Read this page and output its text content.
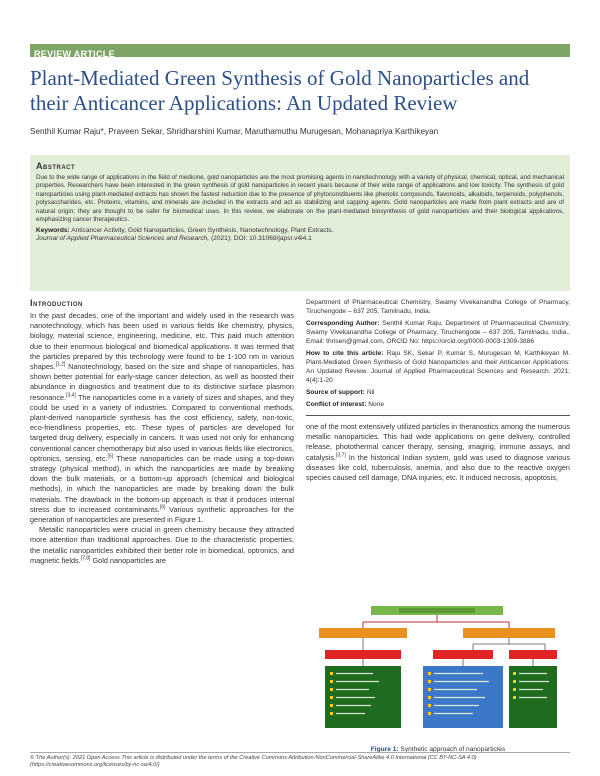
REVIEW ARTICLE
Plant-Mediated Green Synthesis of Gold Nanoparticles and their Anticancer Applications: An Updated Review
Senthil Kumar Raju*, Praveen Sekar, Shridharshini Kumar, Maruthamuthu Murugesan, Mohanapriya Karthikeyan
Abstract
Due to the wide range of applications in the field of medicine, gold nanoparticles are the most promising agents in nanotechnology with a variety of physical, chemical, optical, and mechanical properties. Researchers have been interested in the green synthesis of gold nanoparticles in recent years because of their wide range of applications and low toxicity. The synthesis of gold nanoparticles using plant-mediated extracts has shown the fastest reduction due to the presence of phytoconstituents like phenolic compounds, flavonoids, alkaloids, terpenoids, polyphenols, polysaccharides, etc. Proteins, vitamins, and minerals are included in the extracts and act as stabilizing and capping agents. Gold nanoparticles are made from plant extracts and are of natural origin; they are thought to be safer for biomedical uses. In this review, we elaborate on the plant-mediated biosynthesis of gold nanoparticles and their biological applications, emphasizing cancer therapeutics.
Keywords: Anticancer Activity, Gold Nanoparticles, Green Synthesis, Nanotechnology, Plant Extracts.
Journal of Applied Pharmaceutical Sciences and Research, (2021); DOI: 10.31069/japsr.v4i4.1
Introduction

In the past decades, one of the important and widely used in the research was nanotechnology, which has been used in various fields like chemistry, physics, biology, material science, engineering, medicine, etc. This paid much attention due to their enormous biological and biomedical applications. It was termed that the particles prepared by this technology were found to be 1-100 nm in various shapes.[1,2] Nanotechnology, based on the size and shape of nanoparticles, has shown better potential for early-stage cancer detection, as well as boosted their abundance in diagnostics and treatment due to its distinctive surface plasmon resonance.[3,4] The nanoparticles come in a variety of sizes and shapes, and they could be used in a variety of industries. Compared to conventional methods, plant-derived nanoparticle synthesis has the cost efficiency, safety, non-toxic, eco-friendliness properties, etc. These types of particles are developed for targeted drug delivery, especially in cancers. It was used not only for enhancing conventional cancer chemotherapy but also used in various fields like electronics, optronics, sensing, etc.[5] These nanoparticles can be made using a top-down strategy (physical method), in which the nanoparticles are made by breaking down the bulk materials, or a bottom-up approach (chemical and biological methods), in which the nanoparticles are made by breaking down the bulk materials. The drawback in the bottom-up approach is that it produces internal stress due to increased contaminants.[6] Various synthetic approaches for the generation of nanoparticles are presented in Figure 1.

Metallic nanoparticles were crucial in green chemistry because they attracted more attention than traditional approaches. Due to the characteristic properties, the metallic nanoparticles exhibited their better role in biomedical, optronics, and magnetic fields.[7,8] Gold nanoparticles are

Department of Pharmaceutical Chemistry, Swamy Vivekanandha College of Pharmacy, Tiruchengode – 637 205, Tamilnadu, India.

Corresponding Author: Senthil Kumar Raju, Department of Pharmaceutical Chemistry, Swamy Vivekanandha College of Pharmacy, Tiruchengode – 637 205, Tamilnadu, India., Email: thrisen@gmail.com, ORCID No: https://orcid.org/0000-0003-1309-3886

How to cite this article: Raju SK, Sekar P, Kumar S, Murugesan M, Karthikeyan M. Plant-Mediated Green Synthesis of Gold Nanoparticles and their Anticancer Applications: An Updated Review. Journal of Applied Pharmaceutical Sciences and Research. 2021; 4(4):1-20

Source of support: Nil

Conflict of interest: None

one of the most extensively utilized particles in theranostics among the numerous metallic nanoparticles. This had wide applications on gene delivery, controlled release, photothermal cancer therapy, sensing, imaging, immune assays, and catalysis.[3,7] In the historical Indian system, gold was used to diagnose various diseases like cold, tuberculosis, anemia, and also due to the reactive oxygen species caused cell damage, DNA injuries, etc. It induced necrosis, apoptosis,

Figure 1: Synthetic approach of nanoparticles
© The Author(s). 2021 Open Access This article is distributed under the terms of the Creative Commons Attribution-NonCommercial-ShareAlike 4.0 International (CC BY-NC-SA 4.0) (https://creativecommons.org/licenses/by-nc-sa/4.0/)
